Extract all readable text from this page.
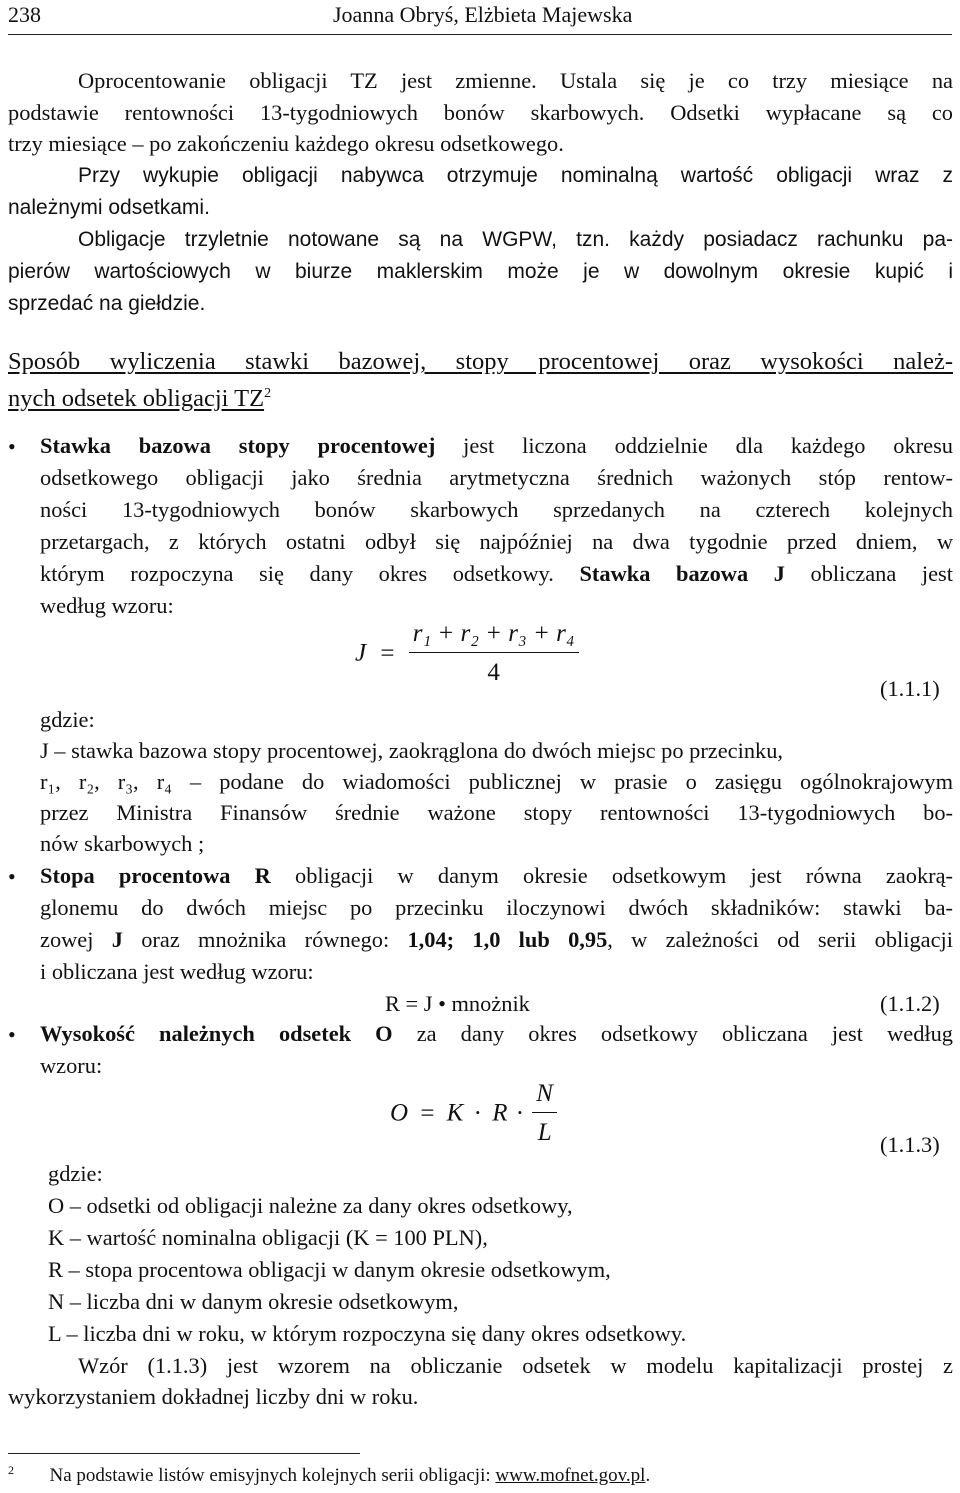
238	Joanna Obryś, Elżbieta Majewska
Oprocentowanie obligacji TZ jest zmienne. Ustala się je co trzy miesiące na
podstawie rentowności 13-tygodniowych bonów skarbowych. Odsetki wypłacane są co
trzy miesiące – po zakończeniu każdego okresu odsetkowego.
Przy wykupie obligacji nabywca otrzymuje nominalną wartość obligacji wraz z
należnymi odsetkami.
Obligacje trzyletnie notowane są na WGPW, tzn. każdy posiadacz rachunku pa-
pierów wartościowych w biurze maklerskim może je w dowolnym okresie kupić i
sprzedać na giełdzie.
Sposób wyliczenia stawki bazowej, stopy procentowej oraz wysokości należ-
nych odsetek obligacji $TZ^2$
• Stawka bazowa stopy procentowej jest liczona oddzielnie dla każdego okresu
odsetkowego obligacji jako średnia arytmetyczna średnich ważonych stóp rentow-
ności 13-tygodniowych bonów skarbowych sprzedanych na czterech kolejnych
przetargach, z których ostatni odbył się najpóźniej na dwa tygodnie przed dniem, w
którym rozpoczyna się dany okres odsetkowy. Stawka bazowa J obliczana jest
według wzoru:
$J = \frac{\text{r₁ + r₂ + r₃ + r₄}}{4}$
(1.1.1)
gdzie:
J – stawka bazowa stopy procentowej, zaokrąglona do dwóch miejsc po przecinku,
r₁, r₂, r₃, r₄ – podane do wiadomości publicznej w prasie o zasięgu ogólnokrajowym
przez Ministra Finansów średnie ważone stopy rentowności 13-tygodniowych bo-
nów skarbowych ;
• Stopa procentowa R obligacji w danym okresie odsetkowym jest równa zaokrą-
glonemu do dwóch miejsc po przecinku iloczynowi dwóch składników: stawki ba-
zowej J oraz mnożnika równego: 1,04; 1,0 lub 0,95, w zależności od serii obligacji
i obliczana jest według wzoru:
R = J • mnożnik	(1.1.2)
• Wysokość należnych odsetek O za dany okres odsetkowy obliczana jest według
wzoru:
$O = K \cdot R \cdot \frac{N}{L}$	(1.1.3)
gdzie:
O – odsetki od obligacji należne za dany okres odsetkowy,
K – wartość nominalna obligacji (K = 100 PLN),
R – stopa procentowa obligacji w danym okresie odsetkowym,
N – liczba dni w danym okresie odsetkowym,
L – liczba dni w roku, w którym rozpoczyna się dany okres odsetkowy.
Wzór (1.1.3) jest wzorem na obliczanie odsetek w modelu kapitalizacji prostej z
wykorzystaniem dokładnej liczby dni w roku.
$^2$ Na podstawie listów emisyjnych kolejnych serii obligacji: www.mofnet.gov.pl.
